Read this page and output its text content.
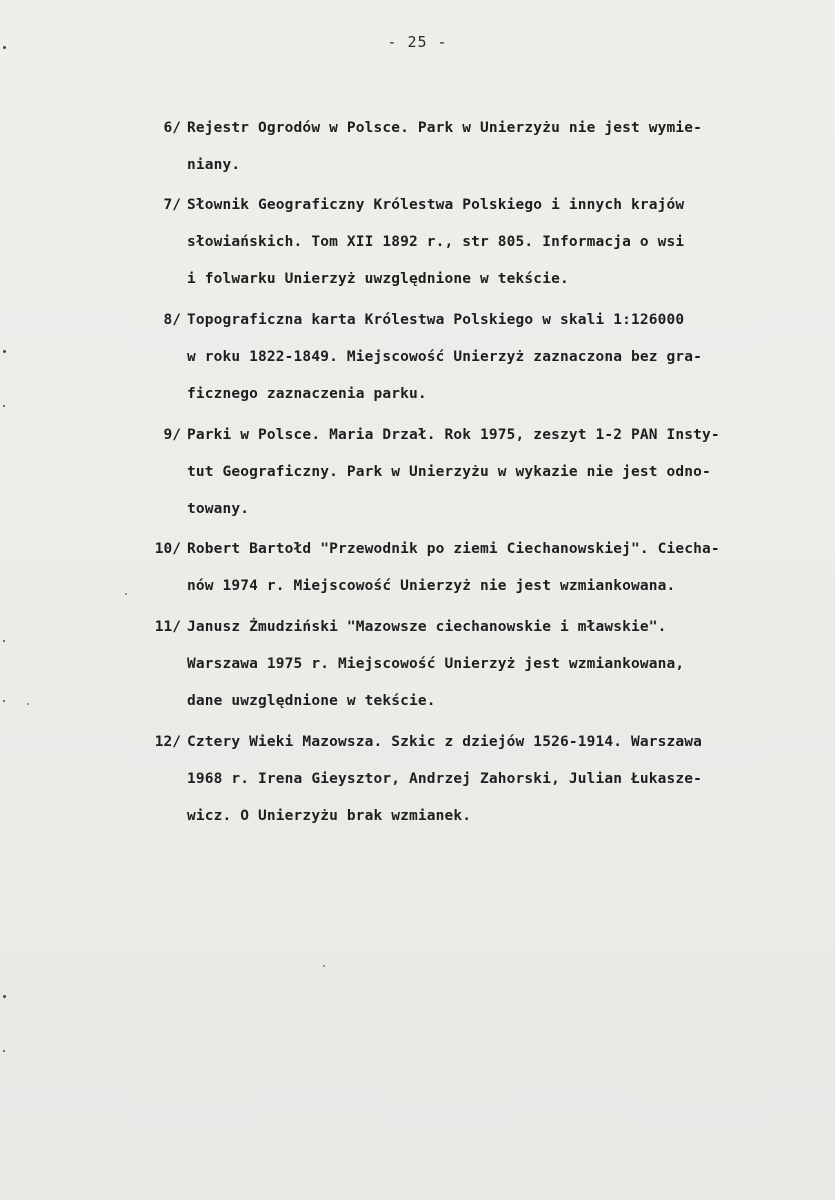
- 25 -
6/ Rejestr Ogrodów w Polsce. Park w Unierzyżu nie jest wymie-
niany.
7/ Słownik Geograficzny Królestwa Polskiego i innych krajów
słowiańskich. Tom XII 1892 r., str 805. Informacja o wsi
i folwarku Unierzyż uwzględnione w tekście.
8/ Topograficzna karta Królestwa Polskiego w skali 1:126000
w roku 1822-1849. Miejscowość Unierzyż zaznaczona bez gra-
ficznego zaznaczenia parku.
9/ Parki w Polsce. Maria Drzał. Rok 1975, zeszyt 1-2 PAN Insty-
tut Geograficzny. Park w Unierzyżu w wykazie nie jest odno-
towany.
10/ Robert Bartołd "Przewodnik po ziemi Ciechanowskiej". Ciecha-
nów 1974 r. Miejscowość Unierzyż nie jest wzmiankowana.
11/ Janusz Żmudziński "Mazowsze ciechanowskie i mławskie".
Warszawa 1975 r. Miejscowość Unierzyż jest wzmiankowana,
dane uwzględnione w tekście.
12/ Cztery Wieki Mazowsza. Szkic z dziejów 1526-1914. Warszawa
1968 r. Irena Gieysztor, Andrzej Zahorski, Julian Łukasze-
wicz. O Unierzyżu brak wzmianek.
